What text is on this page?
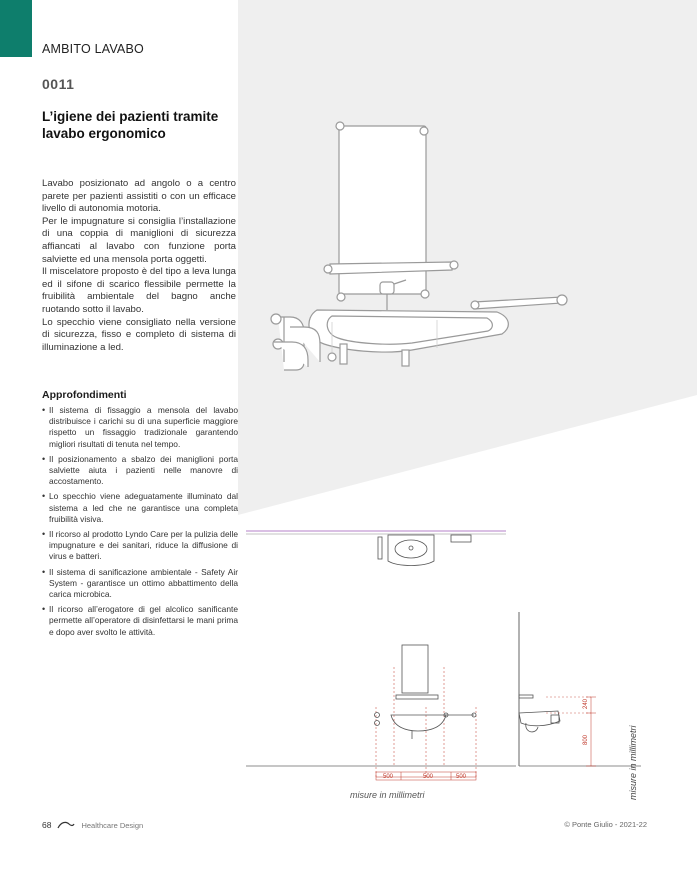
AMBITO LAVABO
0011
L’igiene dei pazienti tramite lavabo ergonomico

Lavabo posizionato ad angolo o a centro parete per pazienti assistiti o con un efficace livello di autonomia motoria.

Per le impugnature si consiglia l’installazione di una coppia di maniglioni di sicurezza affiancati al lavabo con funzione porta salviette ed una mensola porta oggetti.

Il miscelatore proposto è del tipo a leva lunga ed il sifone di scarico flessibile permette la fruibilità ambientale del bagno anche ruotando sotto il lavabo.

Lo specchio viene consigliato nella versione di sicurezza, fisso e completo di sistema di illuminazione a led.

500	500	500
240
800
misure in millimetri	misure in millimetri
Approfondimenti
• Il sistema di fissaggio a mensola del lavabo distribuisce i carichi su di una superficie maggiore rispetto un fissaggio tradizionale garantendo migliori risultati di tenuta nel tempo.
• Il posizionamento a sbalzo dei maniglioni porta salviette aiuta i pazienti nelle manovre di accostamento.
• Lo specchio viene adeguatamente illuminato dal sistema a led che ne garantisce una completa fruibilità visiva.
• Il ricorso al prodotto Lyndo Care per la pulizia delle impugnature e dei sanitari, riduce la diffusione di virus e batteri.
• Il sistema di sanificazione ambientale - Safety Air System - garantisce un ottimo abbattimento della carica microbica.
• Il ricorso all’erogatore di gel alcolico sanificante permette all’operatore di disinfettarsi le mani prima e dopo aver svolto le attività.
68	Healthcare Design	© Ponte Giulio - 2021-22
